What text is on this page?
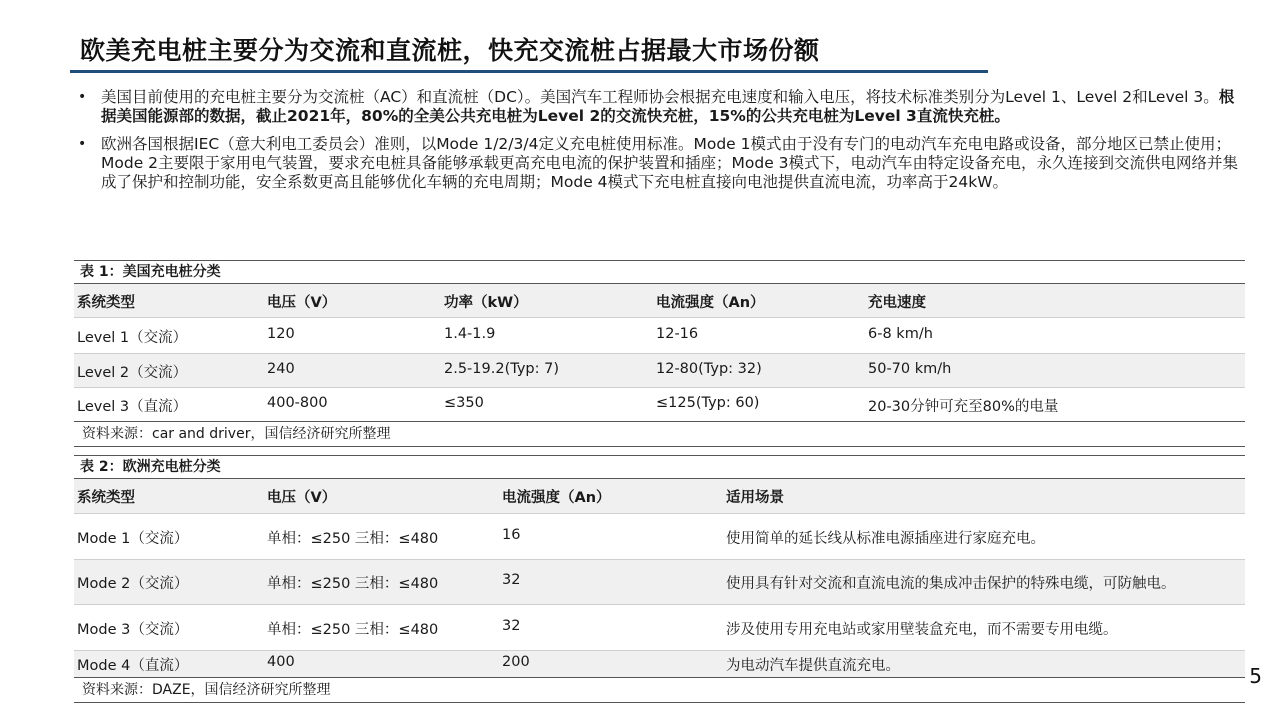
欧美充电桩主要分为交流和直流桩，快充交流桩占据最大市场份额
• 美国目前使用的充电桩主要分为交流桩（AC）和直流桩（DC）。美国汽车工程师协会根据充电速度和输入电压，将技术标准类别分为Level 1、Level 2和Level 3。根据美国能源部的数据，截止2021年，80%的全美公共充电桩为Level 2的交流快充桩，15%的公共充电桩为Level 3直流快充桩。
• 欧洲各国根据IEC（意大利电工委员会）准则，以Mode 1/2/3/4定义充电桩使用标准。Mode 1模式由于没有专门的电动汽车充电电路或设备，部分地区已禁止使用；Mode 2主要限于家用电气装置，要求充电桩具备能够承载更高充电电流的保护装置和插座；Mode 3模式下，电动汽车由特定设备充电，永久连接到交流供电网络并集成了保护和控制功能，安全系数更高且能够优化车辆的充电周期；Mode 4模式下充电桩直接向电池提供直流电流，功率高于24kW。
表 1：美国充电桩分类
系统类型	电压（V）	功率（kW）	电流强度（An）	充电速度
Level 1（交流）	120	1.4-1.9	12-16	6-8 km/h
Level 2（交流）	240	2.5-19.2(Typ: 7)	12-80(Typ: 32)	50-70 km/h
Level 3（直流）	400-800	≤350	≤125(Typ: 60)	20-30分钟可充至80%的电量
资料来源：car and driver，国信经济研究所整理
表 2：欧洲充电桩分类
系统类型	电压（V）	电流强度（An）	适用场景
Mode 1（交流）	单相：≤250 三相：≤480	16	使用简单的延长线从标准电源插座进行家庭充电。
Mode 2（交流）	单相：≤250 三相：≤480	32	使用具有针对交流和直流电流的集成冲击保护的特殊电缆，可防触电。
Mode 3（交流）	单相：≤250 三相：≤480	32	涉及使用专用充电站或家用壁装盒充电，而不需要专用电缆。
Mode 4（直流）	400	200	为电动汽车提供直流充电。
资料来源：DAZE，国信经济研究所整理
5
